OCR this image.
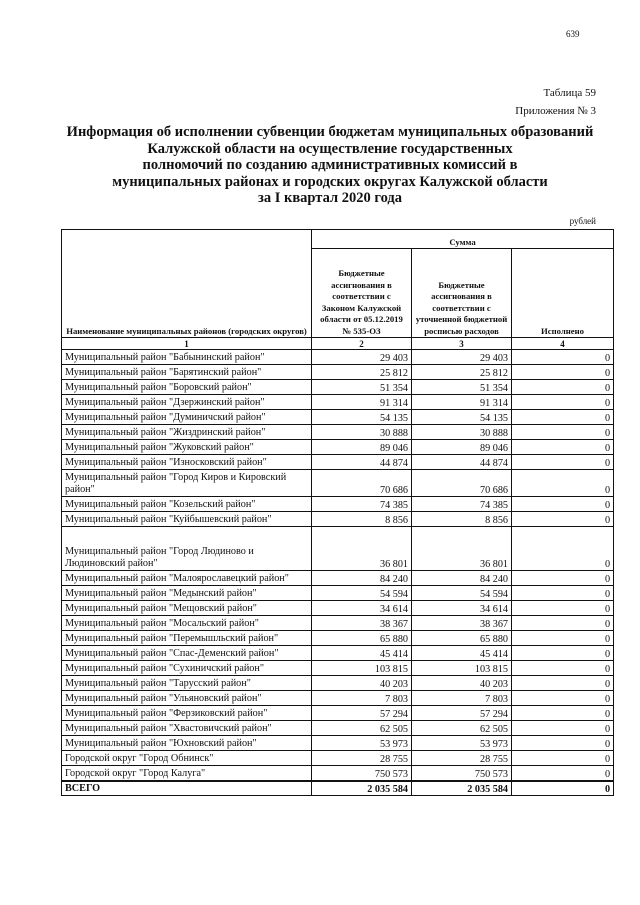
639
Таблица 59
Приложения № 3
Информация об исполнении субвенции бюджетам муниципальных образований
Калужской области на осуществление государственных
полномочий по созданию административных комиссий в
муниципальных районах и городских округах Калужской области
за I квартал 2020 года
рублей
Наименование муниципальных районов (городских округов)	Сумма		
	Бюджетные ассигнования в соответствии с Законом Калужской области от 05.12.2019 № 535-ОЗ	Бюджетные ассигнования в соответствии с уточненной бюджетной росписью расходов	Исполнено
1	2	3	4
Муниципальный район "Бабынинский район"	29 403	29 403	0
Муниципальный район "Барятинский район"	25 812	25 812	0
Муниципальный район "Боровский район"	51 354	51 354	0
Муниципальный район "Дзержинский район"	91 314	91 314	0
Муниципальный район "Думиничский район"	54 135	54 135	0
Муниципальный район "Жиздринский район"	30 888	30 888	0
Муниципальный район "Жуковский район"	89 046	89 046	0
Муниципальный район "Износковский район"	44 874	44 874	0
Муниципальный район "Город Киров и Кировский район"	70 686	70 686	0
Муниципальный район "Козельский район"	74 385	74 385	0
Муниципальный район "Куйбышевский район"	8 856	8 856	0
Муниципальный район "Город Людиново и Людиновский район"	36 801	36 801	0
Муниципальный район "Малоярославецкий район"	84 240	84 240	0
Муниципальный район "Медынский район"	54 594	54 594	0
Муниципальный район "Мещовский район"	34 614	34 614	0
Муниципальный район "Мосальский район"	38 367	38 367	0
Муниципальный район "Перемышльский район"	65 880	65 880	0
Муниципальный район "Спас-Деменский район"	45 414	45 414	0
Муниципальный район "Сухиничский район"	103 815	103 815	0
Муниципальный район "Тарусский район"	40 203	40 203	0
Муниципальный район "Ульяновский район"	7 803	7 803	0
Муниципальный район "Ферзиковский район"	57 294	57 294	0
Муниципальный район "Хвастовичский район"	62 505	62 505	0
Муниципальный район "Юхновский район"	53 973	53 973	0
Городской округ "Город Обнинск"	28 755	28 755	0
Городской округ "Город Калуга"	750 573	750 573	0
ВСЕГО	2 035 584	2 035 584	0
